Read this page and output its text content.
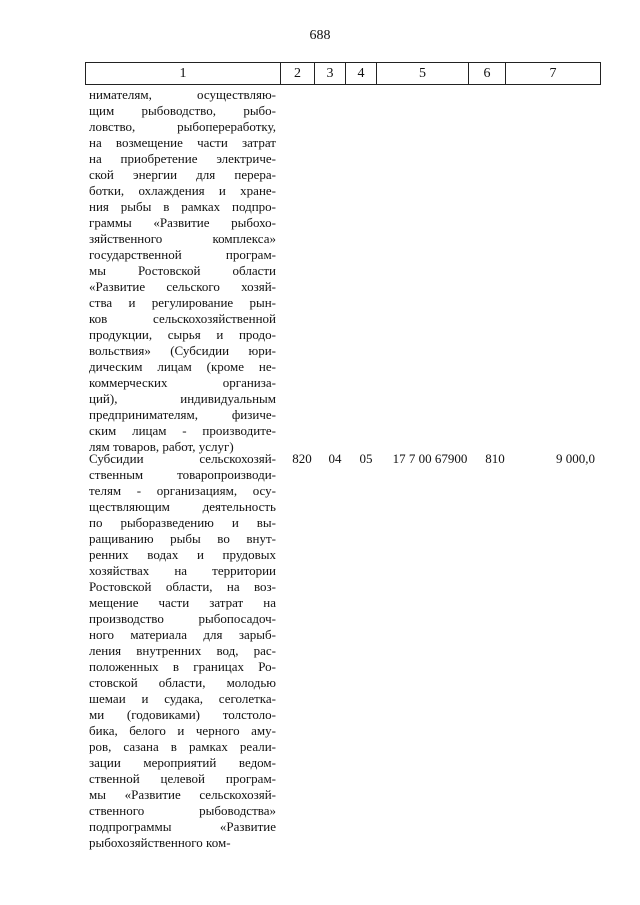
688
1	2	3	4	5	6	7
нимателям, осуществляю-
щим рыбоводство, рыбо-
ловство, рыбопереработку,
на возмещение части затрат
на приобретение электриче-
ской энергии для перера-
ботки, охлаждения и хране-
ния рыбы в рамках подпро-
граммы «Развитие рыбохо-
зяйственного комплекса»
государственной програм-
мы Ростовской области
«Развитие сельского хозяй-
ства и регулирование рын-
ков сельскохозяйственной
продукции, сырья и продо-
вольствия» (Субсидии юри-
дическим лицам (кроме не-
коммерческих организа-
ций), индивидуальным
предпринимателям, физиче-
ским лицам - производите-
лям товаров, работ, услуг)
Субсидии сельскохозяй-
ственным товаропроизводи-
телям - организациям, осу-
ществляющим деятельность
по рыборазведению и вы-
ращиванию рыбы во внут-
ренних водах и прудовых
хозяйствах на территории
Ростовской области, на воз-
мещение части затрат на
производство рыбопосадоч-
ного материала для зарыб-
ления внутренних вод, рас-
положенных в границах Ро-
стовской области, молодью
шемаи и судака, сеголетка-
ми (годовиками) толстоло-
бика, белого и черного аму-
ров, сазана в рамках реали-
зации мероприятий ведом-
ственной целевой програм-
мы «Развитие сельскохозяй-
ственного рыбоводства»
подпрограммы «Развитие
рыбохозяйственного ком-
820	04	05	17 7 00 67900	810	9 000,0
